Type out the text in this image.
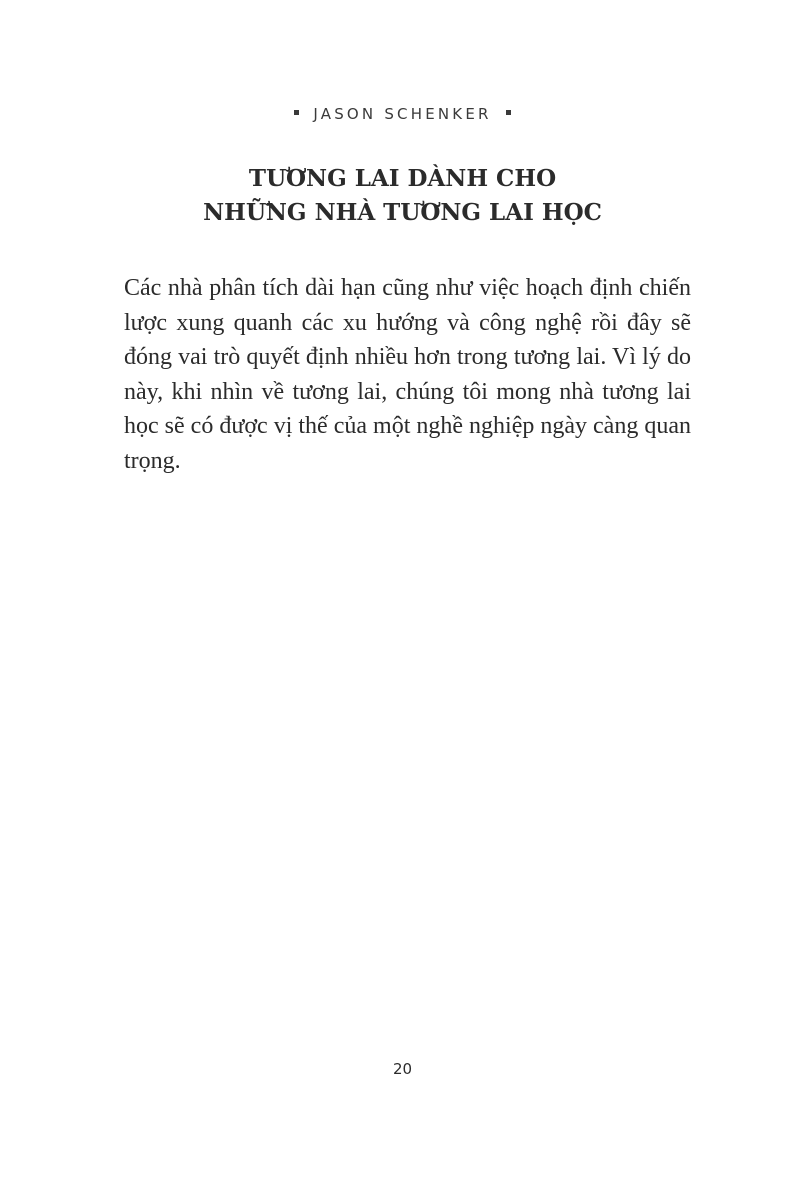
JASON SCHENKER
TƯƠNG LAI DÀNH CHO
NHỮNG NHÀ TƯƠNG LAI HỌC

Các nhà phân tích dài hạn cũng như việc hoạch định chiến lược xung quanh các xu hướng và công nghệ rồi đây sẽ đóng vai trò quyết định nhiều hơn trong tương lai. Vì lý do này, khi nhìn về tương lai, chúng tôi mong nhà tương lai học sẽ có được vị thế của một nghề nghiệp ngày càng quan trọng.

20
